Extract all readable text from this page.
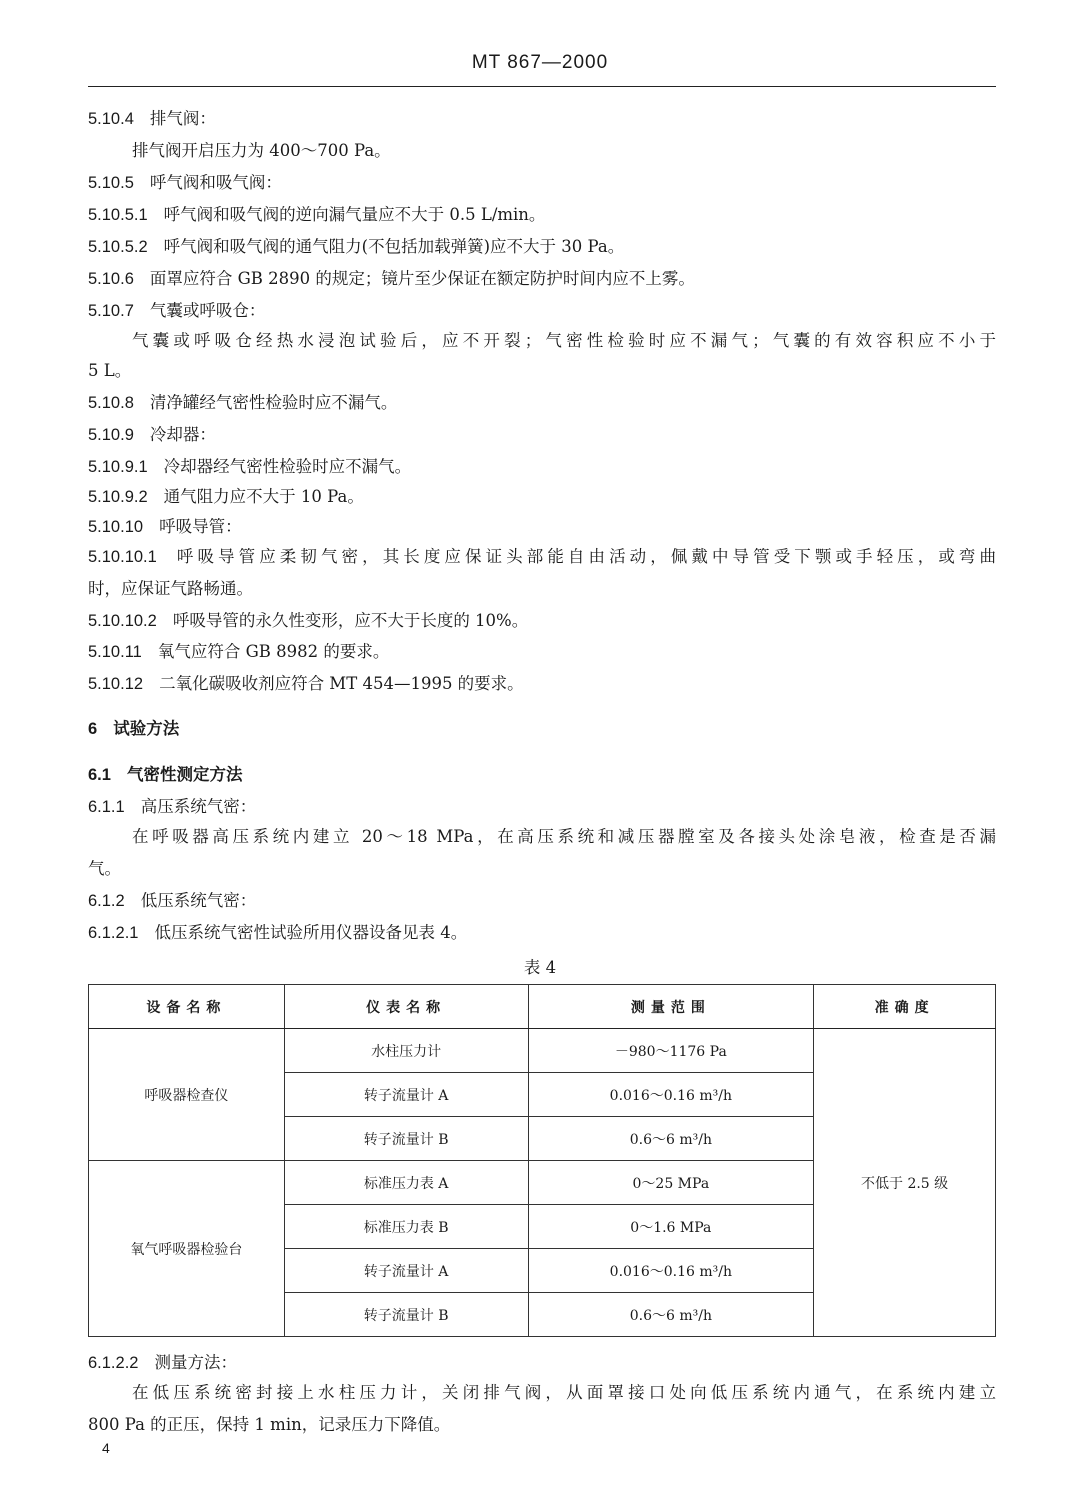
MT 867—2000
5.10.4 排气阀：
排气阀开启压力为 400～700 Pa。
5.10.5 呼气阀和吸气阀：
5.10.5.1 呼气阀和吸气阀的逆向漏气量应不大于 0.5 L/min。
5.10.5.2 呼气阀和吸气阀的通气阻力(不包括加载弹簧)应不大于 30 Pa。
5.10.6 面罩应符合 GB 2890 的规定；镜片至少保证在额定防护时间内应不上雾。
5.10.7 气囊或呼吸仓：
气囊或呼吸仓经热水浸泡试验后，应不开裂；气密性检验时应不漏气；气囊的有效容积应不小于
5 L。
5.10.8 清净罐经气密性检验时应不漏气。
5.10.9 冷却器：
5.10.9.1 冷却器经气密性检验时应不漏气。
5.10.9.2 通气阻力应不大于 10 Pa。
5.10.10 呼吸导管：
5.10.10.1 呼吸导管应柔韧气密，其长度应保证头部能自由活动，佩戴中导管受下颚或手轻压，或弯曲
时，应保证气路畅通。
5.10.10.2 呼吸导管的永久性变形，应不大于长度的 10%。
5.10.11 氧气应符合 GB 8982 的要求。
5.10.12 二氧化碳吸收剂应符合 MT 454—1995 的要求。
6 试验方法
6.1 气密性测定方法
6.1.1 高压系统气密：
在呼吸器高压系统内建立 20～18 MPa，在高压系统和减压器膛室及各接头处涂皂液，检查是否漏
气。
6.1.2 低压系统气密：
6.1.2.1 低压系统气密性试验所用仪器设备见表 4。
表 4
设备名称	仪表名称	测量范围	准确度
呼吸器检查仪	水柱压力计	－980～1176 Pa	不低于 2.5 级
	转子流量计 A	0.016～0.16 m³/h	
	转子流量计 B	0.6～6 m³/h	
氧气呼吸器检验台	标准压力表 A	0～25 MPa	
	标准压力表 B	0～1.6 MPa	
	转子流量计 A	0.016～0.16 m³/h	
	转子流量计 B	0.6～6 m³/h	
6.1.2.2 测量方法：
在低压系统密封接上水柱压力计，关闭排气阀，从面罩接口处向低压系统内通气，在系统内建立
800 Pa 的正压，保持 1 min，记录压力下降值。
4
